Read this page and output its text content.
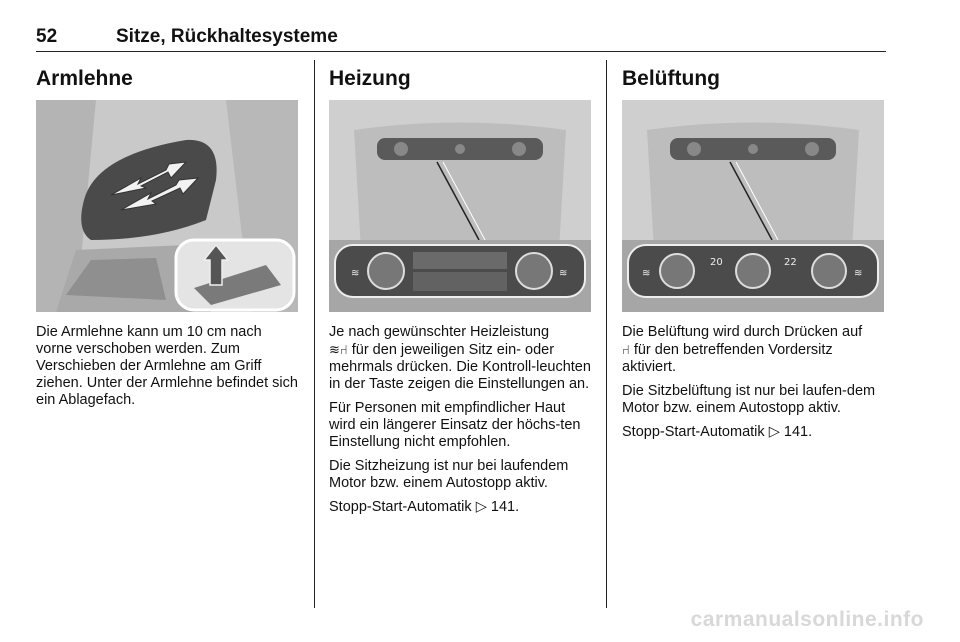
52	Sitze, Rückhaltesysteme
Armlehne

Die Armlehne kann um 10 cm nach vorne verschoben werden. Zum Verschieben der Armlehne am Griff ziehen. Unter der Armlehne befindet sich ein Ablagefach.

Heizung
≋	≋

Je nach gewünschter Heizleistung
≋⑁ für den jeweiligen Sitz ein- oder mehrmals drücken. Die Kontroll-leuchten in der Taste zeigen die Einstellungen an.

Für Personen mit empfindlicher Haut wird ein längerer Einsatz der höchs-ten Einstellung nicht empfohlen.

Die Sitzheizung ist nur bei laufendem Motor bzw. einem Autostopp aktiv.

Stopp-Start-Automatik ▷ 141.

Belüftung
20	22
≋	≋

Die Belüftung wird durch Drücken auf
⑁ für den betreffenden Vordersitz aktiviert.

Die Sitzbelüftung ist nur bei laufen-dem Motor bzw. einem Autostopp aktiv.

Stopp-Start-Automatik ▷ 141.

carmanualsonline.info
